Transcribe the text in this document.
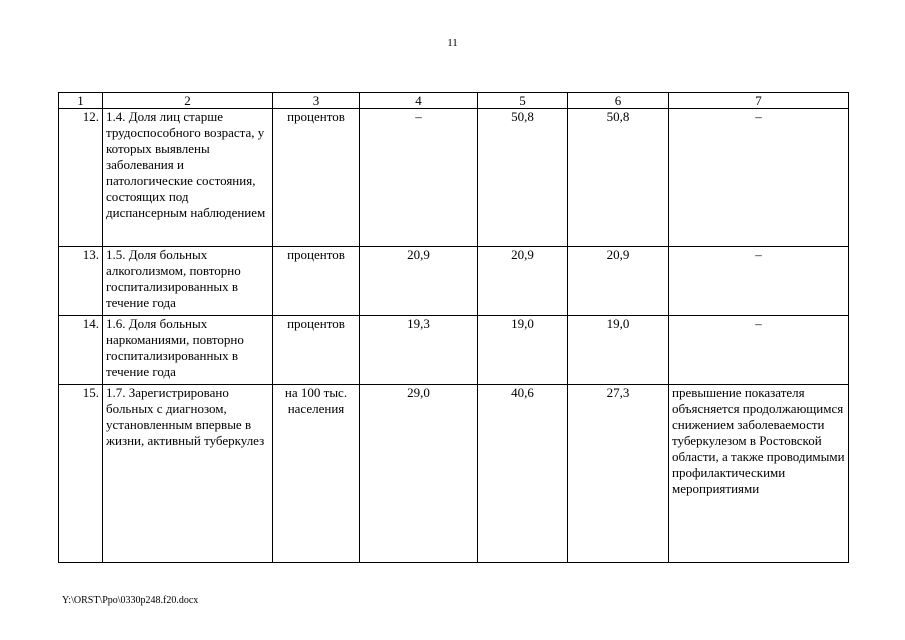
11
1	2	3	4	5	6	7
12.	1.4. Доля лиц старше трудоспособного возраста, у которых выявлены заболевания и патологические состояния, состоящих под диспансерным наблюдением	процентов	–	50,8	50,8	–
13.	1.5. Доля больных алкоголизмом, повторно госпитализированных в течение года	процентов	20,9	20,9	20,9	–
14.	1.6. Доля больных наркоманиями, повторно госпитализированных в течение года	процентов	19,3	19,0	19,0	–
15.	1.7. Зарегистрировано больных с диагнозом, установленным впервые в жизни, активный туберкулез	на 100 тыс. населения	29,0	40,6	27,3	превышение показателя объясняется продолжающимся снижением заболеваемости туберкулезом в Ростовской области, а также проводимыми профилактическими мероприятиями
Y:\ORST\Ppo\0330p248.f20.docx
